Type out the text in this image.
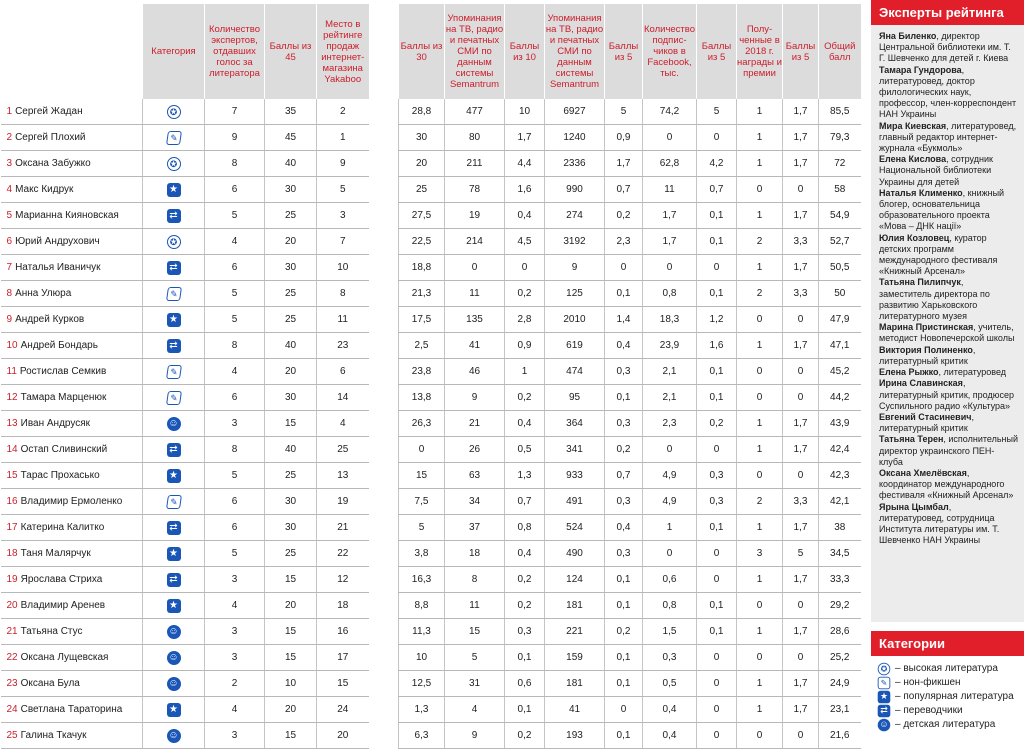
	Категория	Количество экспертов, отдавших голос за литератора	Баллы из 45	Место в рейтинге продаж интернет-магазина Yakaboo
1 Сергей Жадан	✪	7	35	2
2 Сергей Плохий	✎	9	45	1
3 Оксана Забужко	✪	8	40	9
4 Макс Кидрук	★	6	30	5
5 Марианна Кияновская	⇄	5	25	3
6 Юрий Андрухович	✪	4	20	7
7 Наталья Иваничук	⇄	6	30	10
8 Анна Улюра	✎	5	25	8
9 Андрей Курков	★	5	25	11
10 Андрей Бондарь	⇄	8	40	23
11 Ростислав Семкив	✎	4	20	6
12 Тамара Марценюк	✎	6	30	14
13 Иван Андрусяк	☺	3	15	4
14 Остап Сливинский	⇄	8	40	25
15 Тарас Прохасько	★	5	25	13
16 Владимир Ермоленко	✎	6	30	19
17 Катерина Калитко	⇄	6	30	21
18 Таня Малярчук	★	5	25	22
19 Ярослава Стриха	⇄	3	15	12
20 Владимир Аренев	★	4	20	18
21 Татьяна Стус	☺	3	15	16
22 Оксана Лущевская	☺	3	15	17
23 Оксана Була	☺	2	10	15
24 Светлана Тараторина	★	4	20	24
25 Галина Ткачук	☺	3	15	20
Баллы из 30	Упоминания на ТВ, радио и печатных СМИ по данным системы Semantrum	Баллы из 10	Упоминания на ТВ, радио и печатных СМИ по данным системы Semantrum	Баллы из 5	Количество подписчиков в Facebook, тыс.	Баллы из 5	Полученные в 2018 г. награды и премии	Баллы из 5	Общий балл
28,8	477	10	6927	5	74,2	5	1	1,7	85,5
30	80	1,7	1240	0,9	0	0	1	1,7	79,3
20	211	4,4	2336	1,7	62,8	4,2	1	1,7	72
25	78	1,6	990	0,7	11	0,7	0	0	58
27,5	19	0,4	274	0,2	1,7	0,1	1	1,7	54,9
22,5	214	4,5	3192	2,3	1,7	0,1	2	3,3	52,7
18,8	0	0	9	0	0	0	1	1,7	50,5
21,3	11	0,2	125	0,1	0,8	0,1	2	3,3	50
17,5	135	2,8	2010	1,4	18,3	1,2	0	0	47,9
2,5	41	0,9	619	0,4	23,9	1,6	1	1,7	47,1
23,8	46	1	474	0,3	2,1	0,1	0	0	45,2
13,8	9	0,2	95	0,1	2,1	0,1	0	0	44,2
26,3	21	0,4	364	0,3	2,3	0,2	1	1,7	43,9
0	26	0,5	341	0,2	0	0	1	1,7	42,4
15	63	1,3	933	0,7	4,9	0,3	0	0	42,3
7,5	34	0,7	491	0,3	4,9	0,3	2	3,3	42,1
5	37	0,8	524	0,4	1	0,1	1	1,7	38
3,8	18	0,4	490	0,3	0	0	3	5	34,5
16,3	8	0,2	124	0,1	0,6	0	1	1,7	33,3
8,8	11	0,2	181	0,1	0,8	0,1	0	0	29,2
11,3	15	0,3	221	0,2	1,5	0,1	1	1,7	28,6
10	5	0,1	159	0,1	0,3	0	0	0	25,2
12,5	31	0,6	181	0,1	0,5	0	1	1,7	24,9
1,3	4	0,1	41	0	0,4	0	1	1,7	23,1
6,3	9	0,2	193	0,1	0,4	0	0	0	21,6
Эксперты рейтинга

Яна Биленко, директор Центральной библиотеки им. Т. Г. Шевченко для детей г. Киева

Тамара Гундорова, литературовед, доктор филологических наук, профессор, член-корреспондент НАН Украины

Мира Киевская, литературовед, главный редактор интернет-журнала «Букмоль»

Елена Кислова, сотрудник Национальной библиотеки Украины для детей

Наталья Клименко, книжный блогер, основательница образовательного проекта «Мова – ДНК нації»

Юлия Козловец, куратор детских программ международного фестиваля «Книжный Арсенал»

Татьяна Пилипчук, заместитель директора по развитию Харьковского литературного музея

Марина Пристинская, учитель, методист Новопечерской школы

Виктория Полиненко, литературный критик

Елена Рыжко, литературовед

Ирина Славинская, литературный критик, продюсер Суспильного радио «Культура»

Евгений Стасиневич, литературный критик

Татьяна Терен, исполнительный директор украинского ПЕН-клуба

Оксана Хмелёвская, координатор международного фестиваля «Книжный Арсенал»

Ярына Цымбал, литературовед, сотрудница Института литературы им. Т. Шевченко НАН Украины

Категории
✪ – высокая литература
✎ – нон-фикшен
★ – популярная литература
⇄ – переводчики
☺ – детская литература
